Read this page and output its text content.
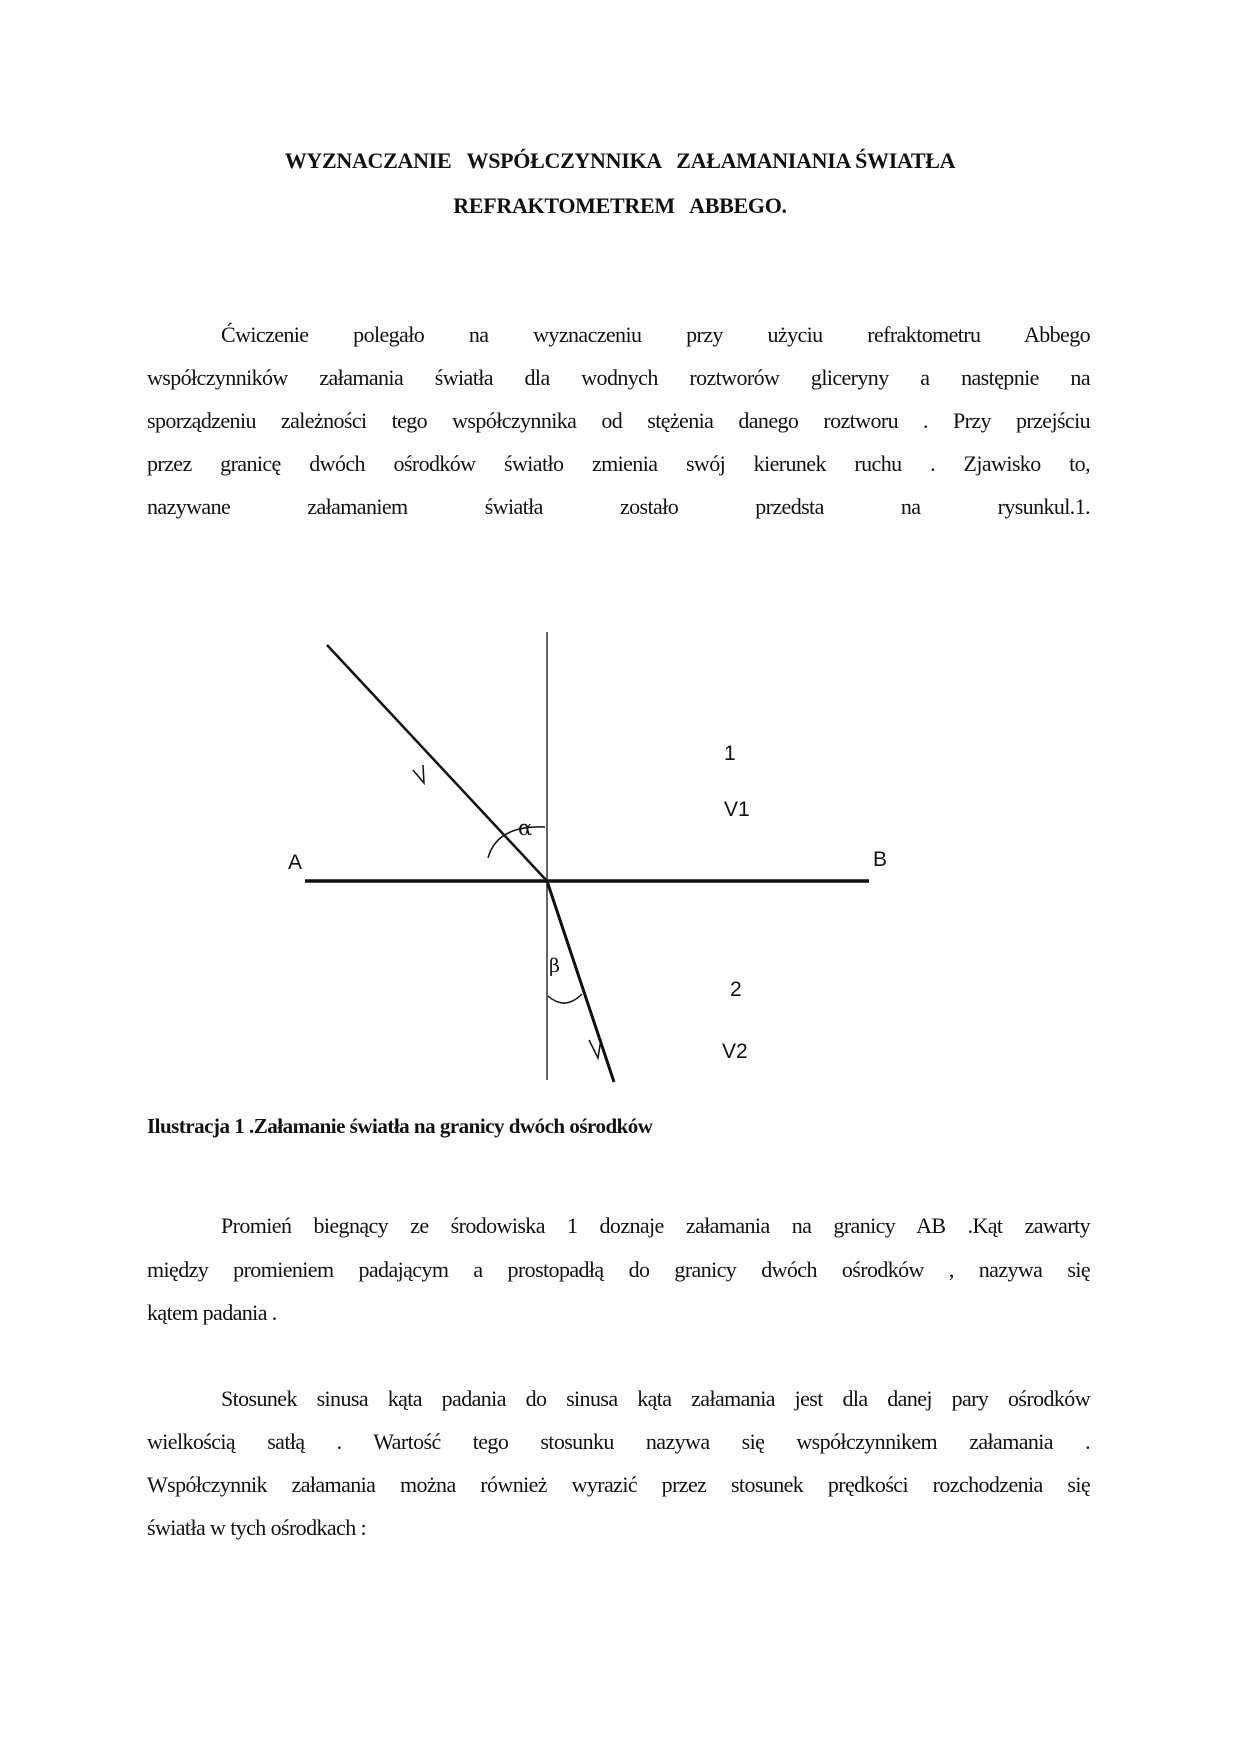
WYZNACZANIE   WSPÓŁCZYNNIKA   ZAŁAMANIANIA ŚWIATŁA
REFRAKTOMETREM   ABBEGO.
Ćwiczenie polegało na wyznaczeniu przy użyciu refraktometru Abbego
współczynników załamania światła dla wodnych roztworów gliceryny a następnie na
sporządzeniu zależności tego współczynnika od stężenia danego roztworu . Przy przejściu
przez granicę dwóch ośrodków światło zmienia swój kierunek ruchu . Zjawisko to,
nazywane załamaniem światła zostało przedsta na rysunkul.1.
A	B
1
V1
2
V2
α
β
Ilustracja 1 .Załamanie światła na granicy dwóch ośrodków
Promień biegnący ze środowiska 1 doznaje załamania na granicy AB .Kąt zawarty
między promieniem padającym a prostopadłą do granicy dwóch ośrodków , nazywa się
kątem padania .
Stosunek sinusa kąta padania do sinusa kąta załamania jest dla danej pary ośrodków
wielkością satłą . Wartość tego stosunku nazywa się współczynnikem załamania .
Współczynnik załamania można również wyrazić przez stosunek prędkości rozchodzenia się
światła w tych ośrodkach :
